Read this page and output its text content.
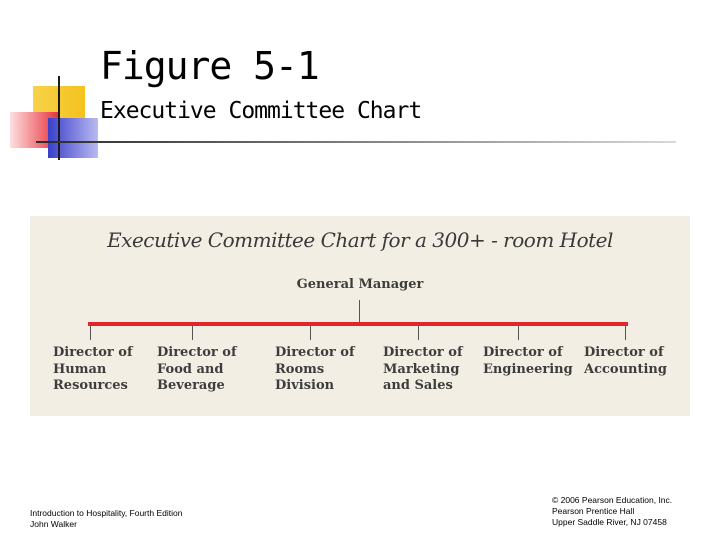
Figure 5-1
Executive Committee Chart
Executive Committee Chart for a 300+ - room Hotel
General Manager
Director of
Human
Resources
Director of
Food and
Beverage
Director of
Rooms
Division
Director of
Marketing
and Sales
Director of
Engineering
Director of
Accounting
Introduction to Hospitality, Fourth Edition
John Walker
© 2006 Pearson Education, Inc.
Pearson Prentice Hall
Upper Saddle River, NJ 07458
